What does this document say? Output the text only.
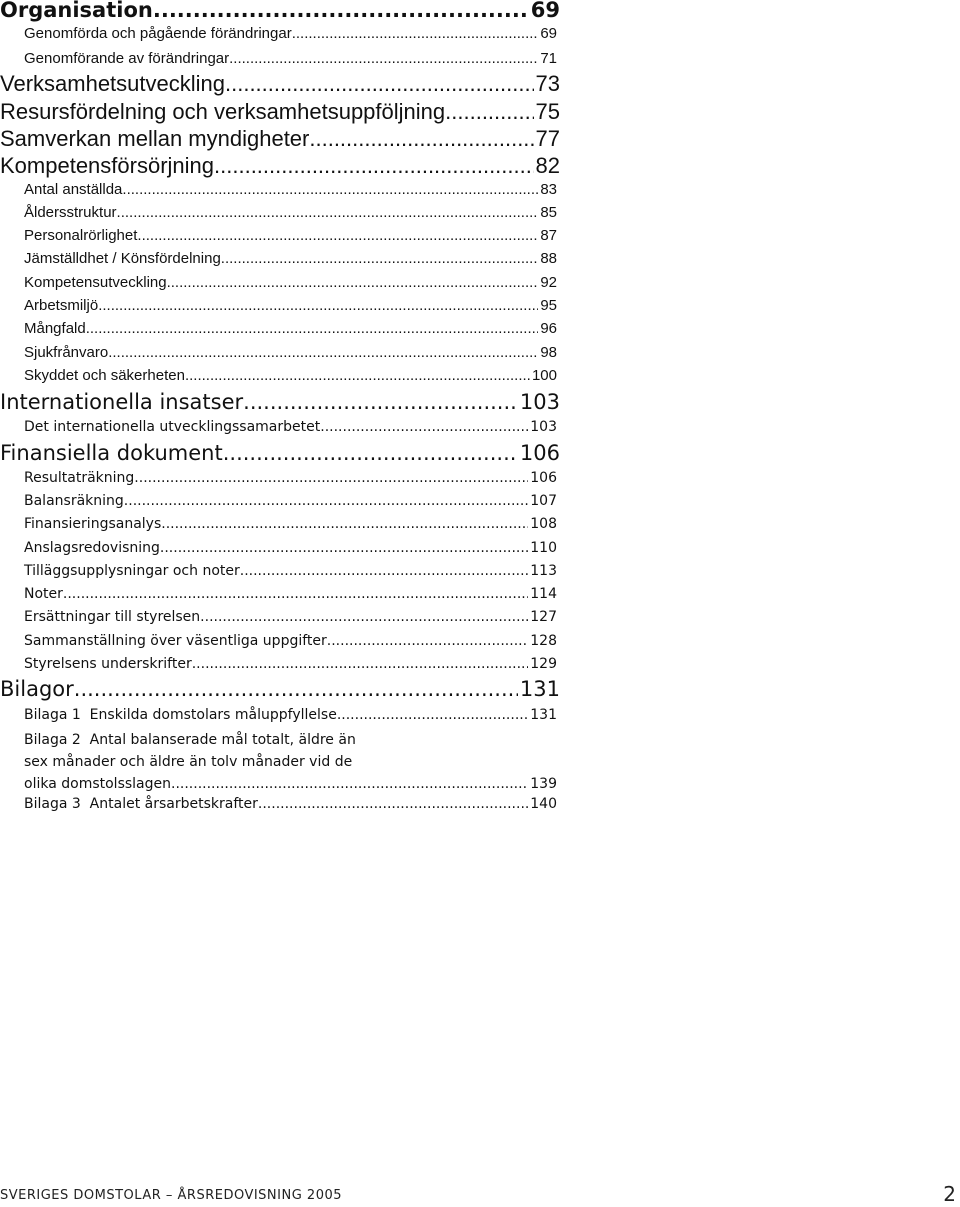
Organisation .....	69
Genomförda och pågående förändringar .....	69
Genomförande av förändringar .....	71
Verksamhetsutveckling .....	73
Resursfördelning och verksamhetsuppföljning .....	75
Samverkan mellan myndigheter .....	77
Kompetensförsörjning .....	82
Antal anställda .....	83
Åldersstruktur .....	85
Personalrörlighet .....	87
Jämställdhet / Könsfördelning .....	88
Kompetensutveckling .....	92
Arbetsmiljö .....	95
Mångfald .....	96
Sjukfrånvaro .....	98
Skyddet och säkerheten .....	100
Internationella insatser .....	103
Det internationella utvecklingssamarbetet .....	103
Finansiella dokument .....	106
Resultaträkning .....	106
Balansräkning .....	107
Finansieringsanalys .....	108
Anslagsredovisning .....	110
Tilläggsupplysningar och noter .....	113
Noter .....	114
Ersättningar till styrelsen .....	127
Sammanställning över väsentliga uppgifter .....	128
Styrelsens underskrifter .....	129
Bilagor .....	131
Bilaga 1  Enskilda domstolars måluppfyllelse .....	131
Bilaga 2  Antal balanserade mål totalt, äldre än
sex månader och äldre än tolv månader vid de
olika domstolsslagen .....	139
Bilaga 3  Antalet årsarbetskrafter .....	140
SVERIGES DOMSTOLAR – ÅRSREDOVISNING 2005	2
